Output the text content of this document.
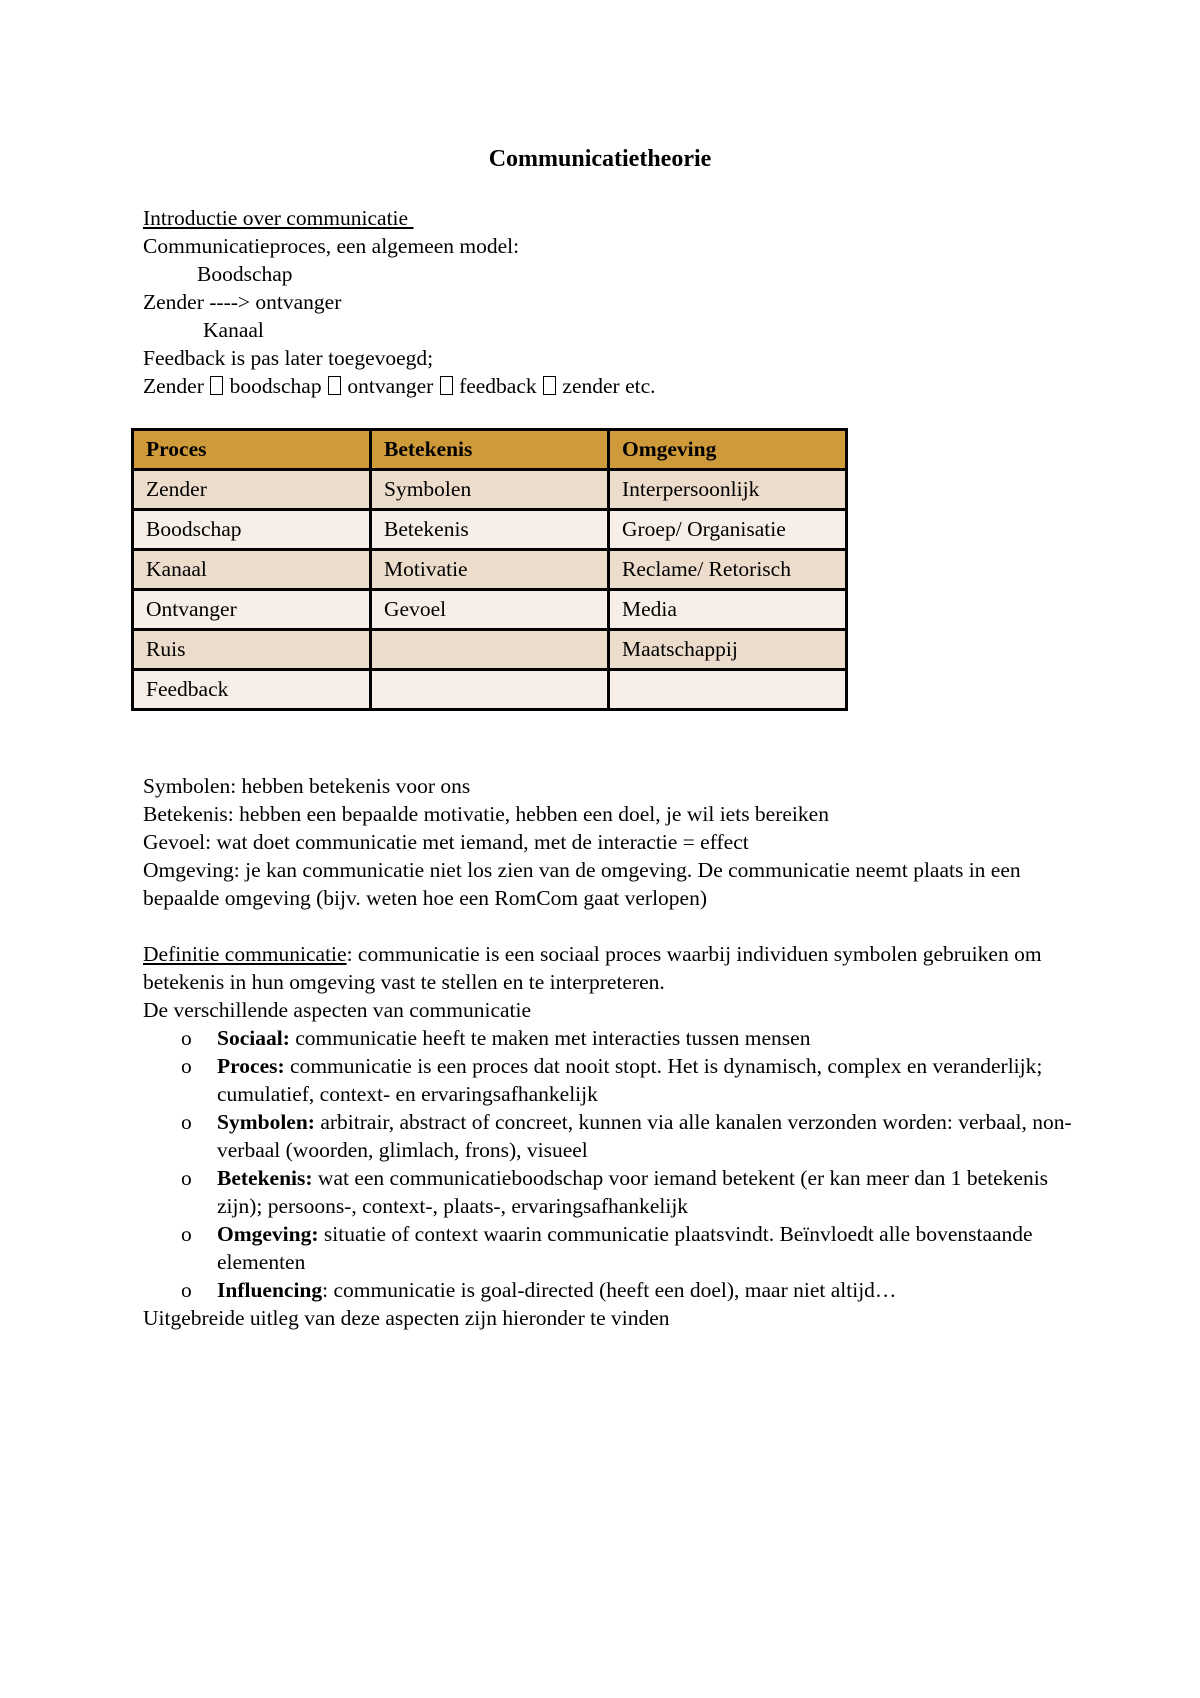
Communicatietheorie
Introductie over communicatie
Communicatieproces, een algemeen model:
Boodschap
Zender ----> ontvanger
Kanaal
Feedback is pas later toegevoegd;
Zender boodschap ontvanger feedback zender etc.
Proces	Betekenis	Omgeving
Zender	Symbolen	Interpersoonlijk
Boodschap	Betekenis	Groep/ Organisatie
Kanaal	Motivatie	Reclame/ Retorisch
Ontvanger	Gevoel	Media
Ruis		Maatschappij
Feedback		
Symbolen: hebben betekenis voor ons
Betekenis: hebben een bepaalde motivatie, hebben een doel, je wil iets bereiken
Gevoel: wat doet communicatie met iemand, met de interactie = effect
Omgeving: je kan communicatie niet los zien van de omgeving. De communicatie neemt plaats in een bepaalde omgeving (bijv. weten hoe een RomCom gaat verlopen)
Definitie communicatie: communicatie is een sociaal proces waarbij individuen symbolen gebruiken om betekenis in hun omgeving vast te stellen en te interpreteren.
De verschillende aspecten van communicatie
o Sociaal: communicatie heeft te maken met interacties tussen mensen
o Proces: communicatie is een proces dat nooit stopt. Het is dynamisch, complex en veranderlijk; cumulatief, context- en ervaringsafhankelijk
o Symbolen: arbitrair, abstract of concreet, kunnen via alle kanalen verzonden worden: verbaal, non-verbaal (woorden, glimlach, frons), visueel
o Betekenis: wat een communicatieboodschap voor iemand betekent (er kan meer dan 1 betekenis zijn); persoons-, context-, plaats-, ervaringsafhankelijk
o Omgeving: situatie of context waarin communicatie plaatsvindt. Beïnvloedt alle bovenstaande elementen
o Influencing: communicatie is goal-directed (heeft een doel), maar niet altijd…
Uitgebreide uitleg van deze aspecten zijn hieronder te vinden
